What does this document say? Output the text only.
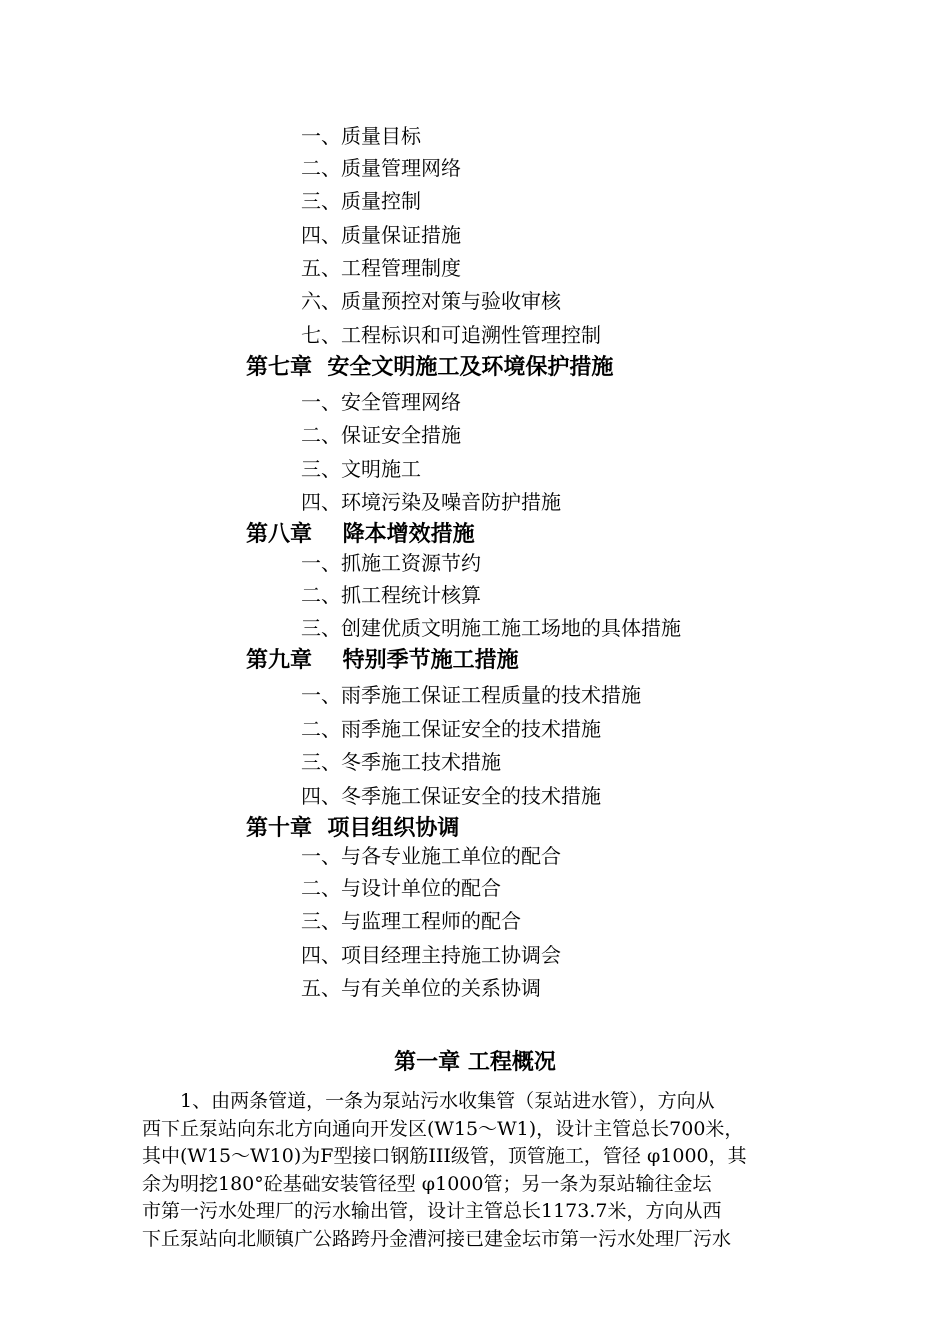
一、质量目标
二、质量管理网络
三、质量控制
四、质量保证措施
五、工程管理制度
六、质量预控对策与验收审核
七、工程标识和可追溯性管理控制
第七章  安全文明施工及环境保护措施
一、安全管理网络
二、保证安全措施
三、文明施工
四、环境污染及噪音防护措施
第八章    降本增效措施
一、抓施工资源节约
二、抓工程统计核算
三、创建优质文明施工施工场地的具体措施
第九章    特别季节施工措施
一、雨季施工保证工程质量的技术措施
二、雨季施工保证安全的技术措施
三、冬季施工技术措施
四、冬季施工保证安全的技术措施
第十章  项目组织协调
一、与各专业施工单位的配合
二、与设计单位的配合
三、与监理工程师的配合
四、项目经理主持施工协调会
五、与有关单位的关系协调
第一章 工程概况

　　1、由两条管道，一条为泵站污水收集管（泵站进水管），方向从

西下丘泵站向东北方向通向开发区(W15～W1)，设计主管总长700米，

其中(W15～W10)为F型接口钢筋III级管，顶管施工，管径 φ1000，其

余为明挖180°砼基础安装管径型 φ1000管；另一条为泵站输往金坛

市第一污水处理厂的污水输出管，设计主管总长1173.7米，方向从西

下丘泵站向北顺镇广公路跨丹金漕河接已建金坛市第一污水处理厂污水
